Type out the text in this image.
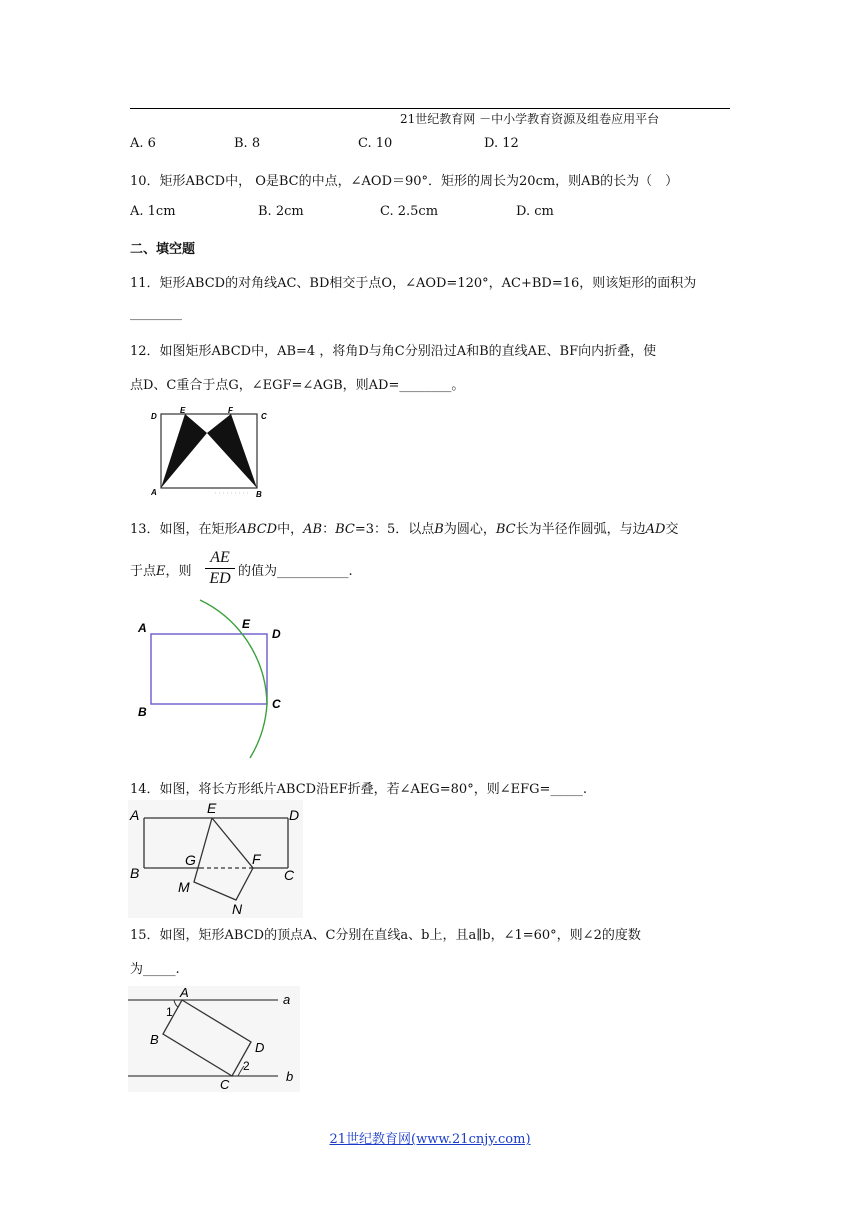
21世纪教育网 －中小学教育资源及组卷应用平台
A. 6	B. 8	C. 10	D. 12
10．矩形ABCD中， O是BC的中点，∠AOD＝90°．矩形的周长为20cm，则AB的长为（　）
A. 1cm	B. 2cm	C. 2.5cm	D. cm
二、填空题
11．矩形ABCD的对角线AC、BD相交于点O，∠AOD=120°，AC+BD=16，则该矩形的面积为
________
12．如图矩形ABCD中，AB=4 ，将角D与角C分别沿过A和B的直线AE、BF向内折叠，使
点D、C重合于点G，∠EGF=∠AGB，则AD=________。
D
E	F
C
G
A	B
13．如图，在矩形ABCD中，AB：BC=3：5．以点B为圆心，BC长为半径作圆弧，与边AD交
于点E，则 $\frac{AE}{ED}$ 的值为___________.
A	E
D
B
C
14．如图，将长方形纸片ABCD沿EF折叠，若∠AEG=80°，则∠EFG=_____.
A	E	D
B
G	F
C
M
N
15．如图，矩形ABCD的顶点A、C分别在直线a、b上，且a∥b，∠1=60°，则∠2的度数
为_____.
A	a
1
B
D
2
C
b
21世纪教育网(www.21cnjy.com)
